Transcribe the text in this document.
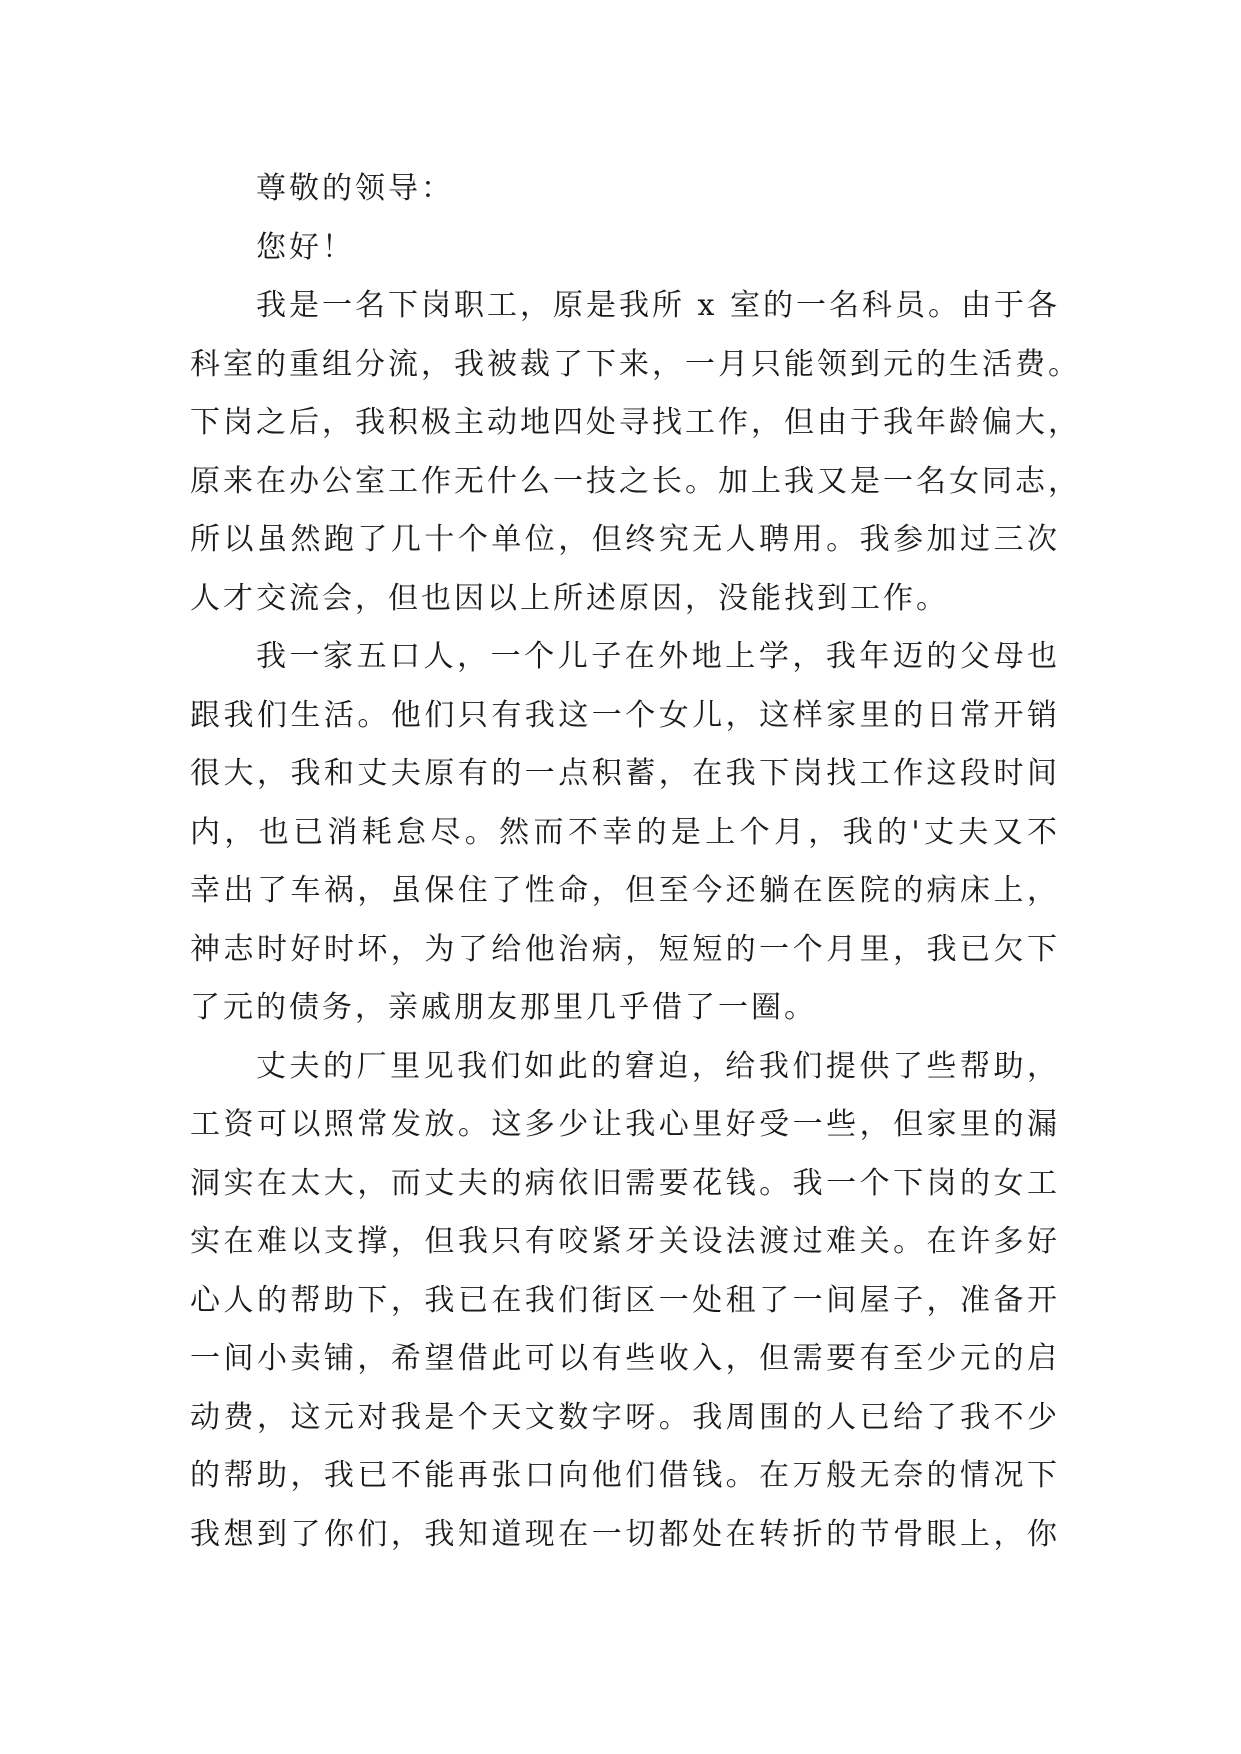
尊敬的领导：
您好！
我是一名下岗职工，原是我所 x 室的一名科员。由于各
科室的重组分流，我被裁了下来，一月只能领到元的生活费。
下岗之后，我积极主动地四处寻找工作，但由于我年龄偏大，
原来在办公室工作无什么一技之长。加上我又是一名女同志，
所以虽然跑了几十个单位，但终究无人聘用。我参加过三次
人才交流会，但也因以上所述原因，没能找到工作。
我一家五口人，一个儿子在外地上学，我年迈的父母也
跟我们生活。他们只有我这一个女儿，这样家里的日常开销
很大，我和丈夫原有的一点积蓄，在我下岗找工作这段时间
内，也已消耗怠尽。然而不幸的是上个月，我的'丈夫又不
幸出了车祸，虽保住了性命，但至今还躺在医院的病床上，
神志时好时坏，为了给他治病，短短的一个月里，我已欠下
了元的债务，亲戚朋友那里几乎借了一圈。
丈夫的厂里见我们如此的窘迫，给我们提供了些帮助，
工资可以照常发放。这多少让我心里好受一些，但家里的漏
洞实在太大，而丈夫的病依旧需要花钱。我一个下岗的女工
实在难以支撑，但我只有咬紧牙关设法渡过难关。在许多好
心人的帮助下，我已在我们街区一处租了一间屋子，准备开
一间小卖铺，希望借此可以有些收入，但需要有至少元的启
动费，这元对我是个天文数字呀。我周围的人已给了我不少
的帮助，我已不能再张口向他们借钱。在万般无奈的情况下
我想到了你们，我知道现在一切都处在转折的节骨眼上，你
